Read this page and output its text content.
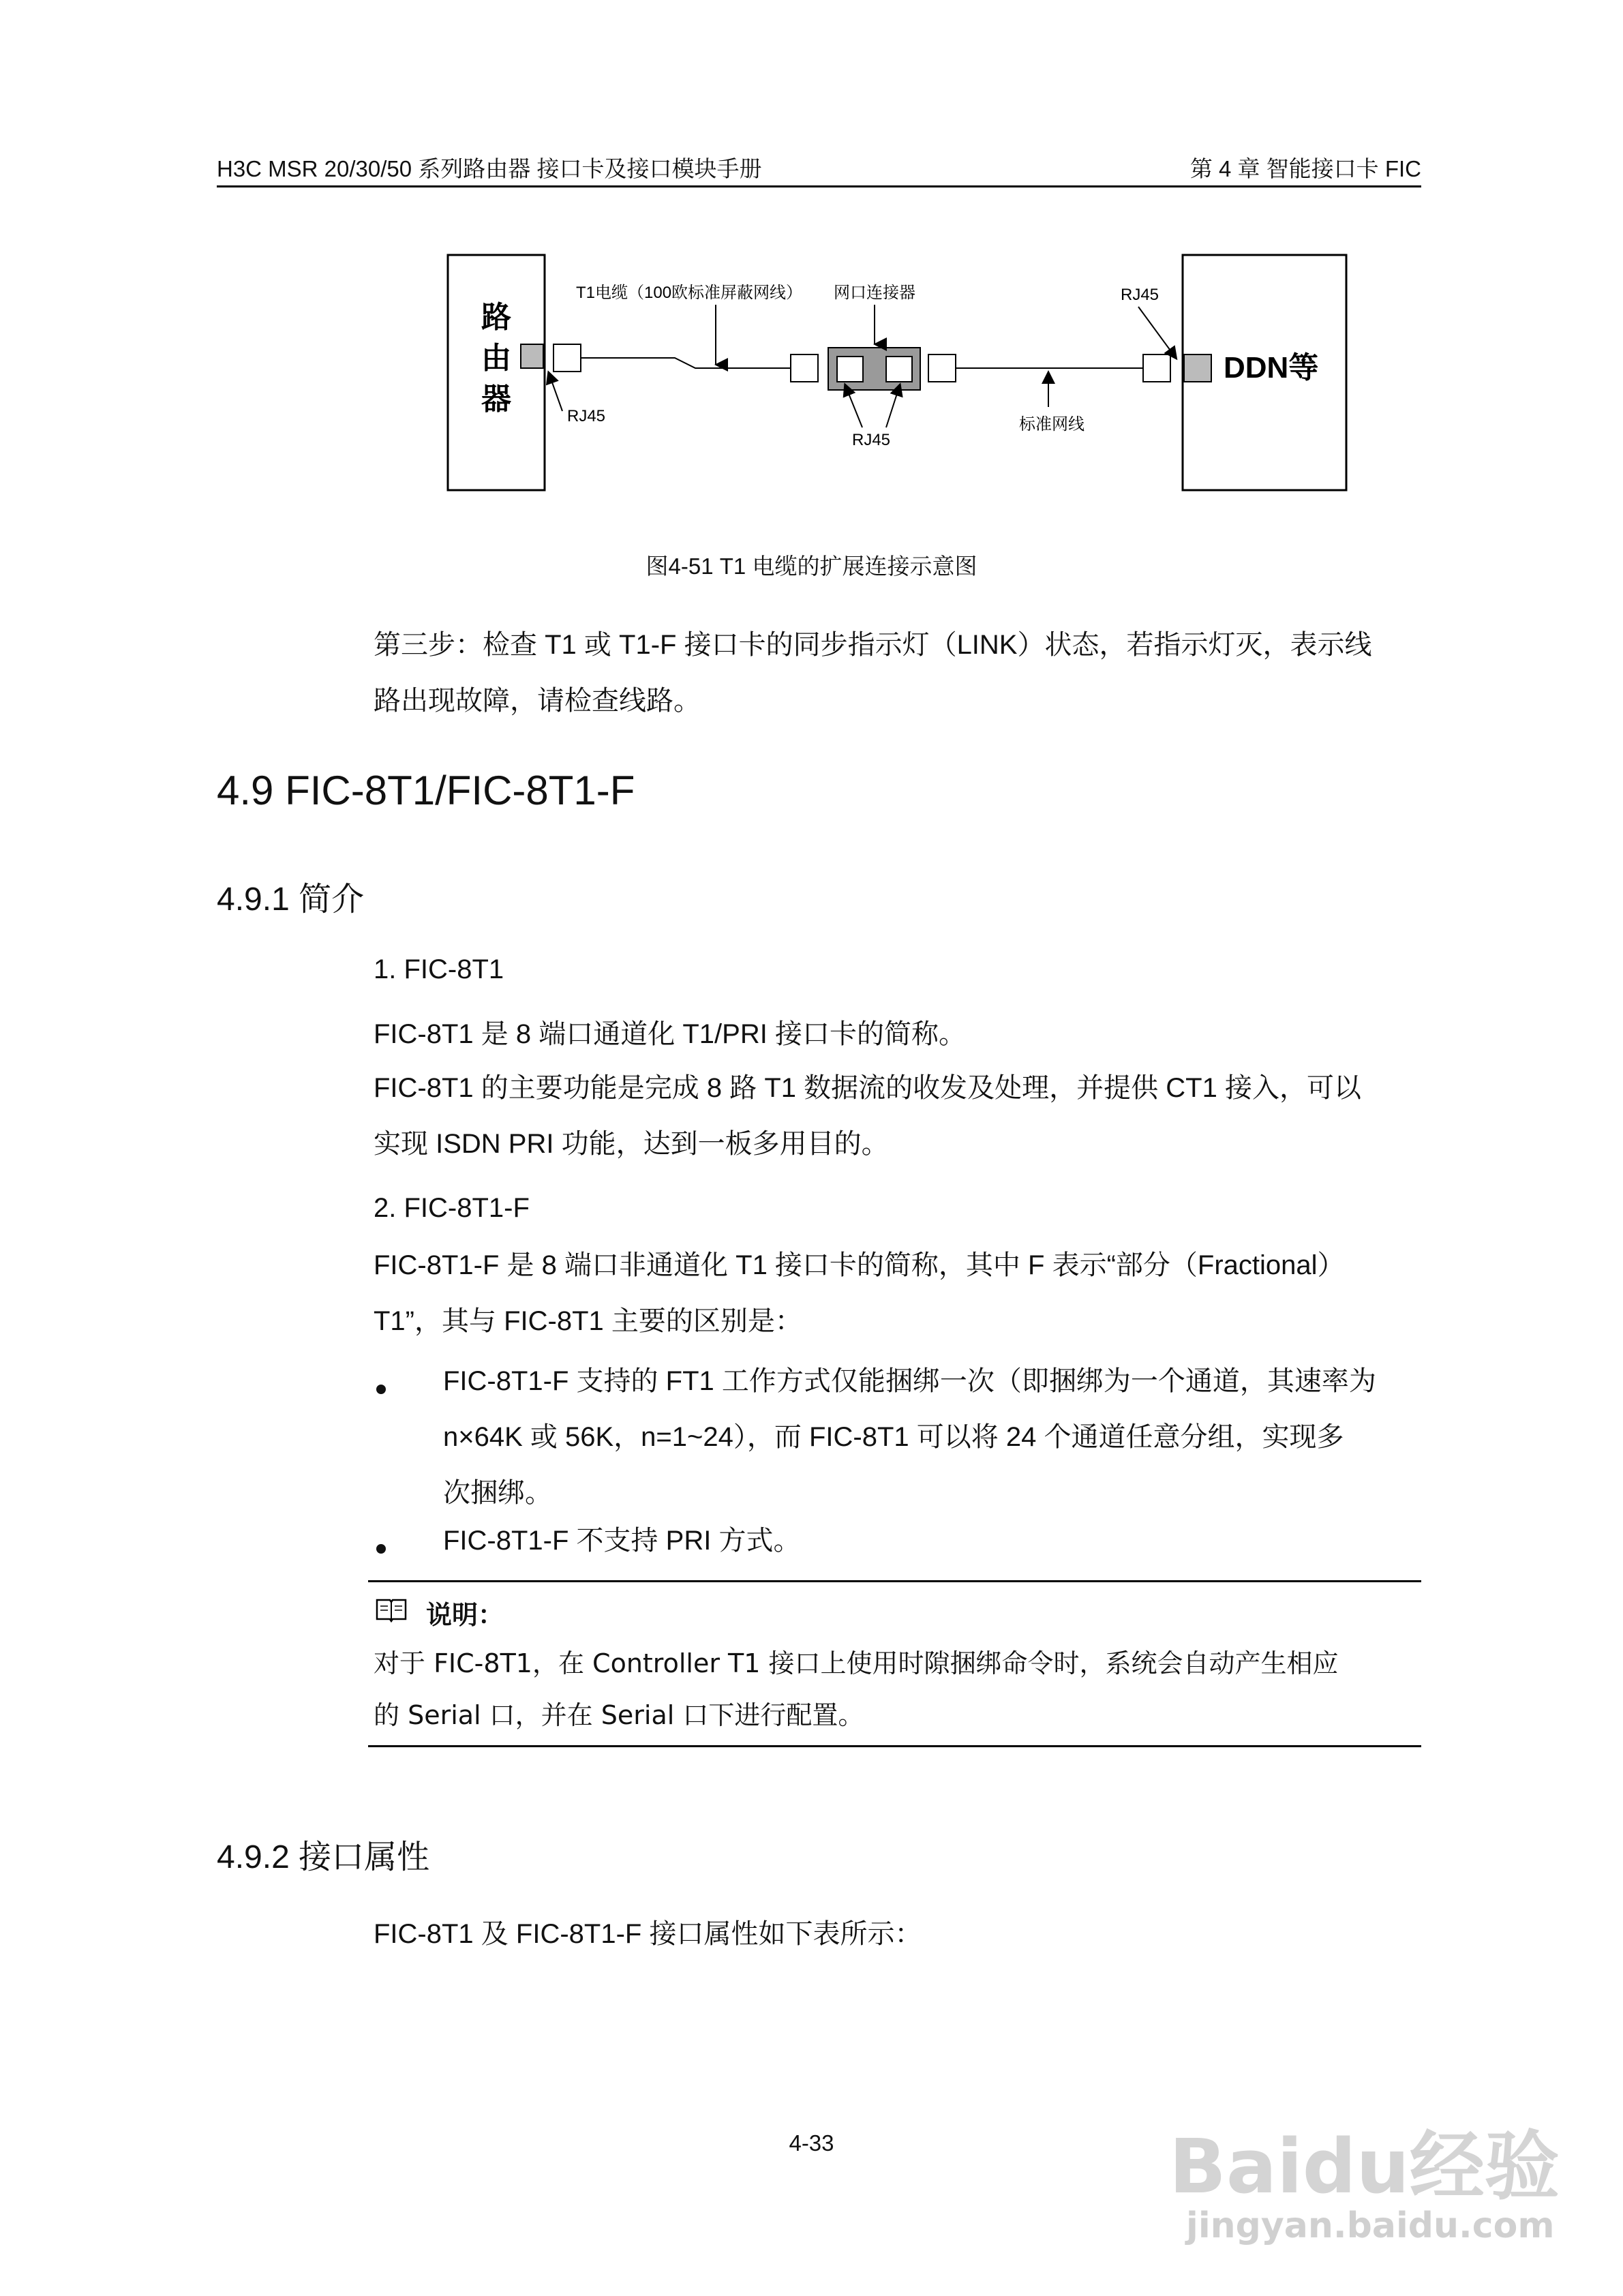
H3C MSR 20/30/50 系列路由器 接口卡及接口模块手册	第 4 章 智能接口卡 FIC
路
由
器
DDN等
T1电缆（100欧标准屏蔽网线） 网口连接器
RJ45
RJ45
RJ45
标准网线
图4-51 T1 电缆的扩展连接示意图
第三步：检查 T1 或 T1-F 接口卡的同步指示灯（LINK）状态，若指示灯灭，表示线
路出现故障，请检查线路。
4.9 FIC-8T1/FIC-8T1-F
4.9.1 简介
1. FIC-8T1
FIC-8T1 是 8 端口通道化 T1/PRI 接口卡的简称。
FIC-8T1 的主要功能是完成 8 路 T1 数据流的收发及处理，并提供 CT1 接入，可以
实现 ISDN PRI 功能，达到一板多用目的。
2. FIC-8T1-F
FIC-8T1-F 是 8 端口非通道化 T1 接口卡的简称，其中 F 表示“部分（Fractional）
T1”，其与 FIC-8T1 主要的区别是：
FIC-8T1-F 支持的 FT1 工作方式仅能捆绑一次（即捆绑为一个通道，其速率为
n×64K 或 56K，n=1~24），而 FIC-8T1 可以将 24 个通道任意分组，实现多
次捆绑。
FIC-8T1-F 不支持 PRI 方式。
说明：
对于 FIC-8T1，在 Controller T1 接口上使用时隙捆绑命令时，系统会自动产生相应
的 Serial 口，并在 Serial 口下进行配置。
4.9.2 接口属性
FIC-8T1 及 FIC-8T1-F 接口属性如下表所示：
4-33	Baidu经验
jingyan.baidu.com
